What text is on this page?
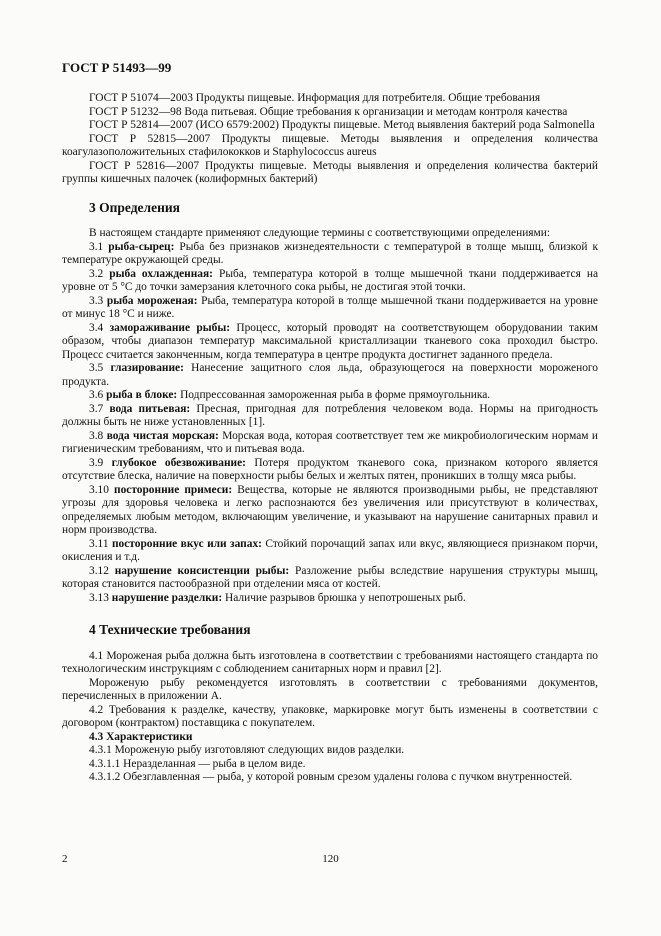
ГОСТ Р 51493—99

ГОСТ Р 51074—2003 Продукты пищевые. Информация для потребителя. Общие требования

ГОСТ Р 51232—98 Вода питьевая. Общие требования к организации и методам контроля качества

ГОСТ Р 52814—2007 (ИСО 6579:2002) Продукты пищевые. Метод выявления бактерий рода Salmonella

ГОСТ Р 52815—2007 Продукты пищевые. Методы выявления и определения количества коагулазоположительных стафилококков и Staphylococcus aureus

ГОСТ Р 52816—2007 Продукты пищевые. Методы выявления и определения количества бактерий группы кишечных палочек (колиформных бактерий)

3 Определения

В настоящем стандарте применяют следующие термины с соответствующими определениями:

3.1 рыба-сырец: Рыба без признаков жизнедеятельности с температурой в толще мышц, близкой к температуре окружающей среды.

3.2 рыба охлажденная: Рыба, температура которой в толще мышечной ткани поддерживается на уровне от 5 °С до точки замерзания клеточного сока рыбы, не достигая этой точки.

3.3 рыба мороженая: Рыба, температура которой в толще мышечной ткани поддерживается на уровне от минус 18 °С и ниже.

3.4 замораживание рыбы: Процесс, который проводят на соответствующем оборудовании таким образом, чтобы диапазон температур максимальной кристаллизации тканевого сока проходил быстро. Процесс считается законченным, когда температура в центре продукта достигнет заданного предела.

3.5 глазирование: Нанесение защитного слоя льда, образующегося на поверхности мороженого продукта.

3.6 рыба в блоке: Подпрессованная замороженная рыба в форме прямоугольника.

3.7 вода питьевая: Пресная, пригодная для потребления человеком вода. Нормы на пригодность должны быть не ниже установленных [1].

3.8 вода чистая морская: Морская вода, которая соответствует тем же микробиологическим нормам и гигиеническим требованиям, что и питьевая вода.

3.9 глубокое обезвоживание: Потеря продуктом тканевого сока, признаком которого является отсутствие блеска, наличие на поверхности рыбы белых и желтых пятен, проникших в толщу мяса рыбы.

3.10 посторонние примеси: Вещества, которые не являются производными рыбы, не представляют угрозы для здоровья человека и легко распознаются без увеличения или присутствуют в количествах, определяемых любым методом, включающим увеличение, и указывают на нарушение санитарных правил и норм производства.

3.11 посторонние вкус или запах: Стойкий порочащий запах или вкус, являющиеся признаком порчи, окисления и т.д.

3.12 нарушение консистенции рыбы: Разложение рыбы вследствие нарушения структуры мышц, которая становится пастообразной при отделении мяса от костей.

3.13 нарушение разделки: Наличие разрывов брюшка у непотрошеных рыб.

4 Технические требования

4.1 Мороженая рыба должна быть изготовлена в соответствии с требованиями настоящего стандарта по технологическим инструкциям с соблюдением санитарных норм и правил [2].

Мороженую рыбу рекомендуется изготовлять в соответствии с требованиями документов, перечисленных в приложении А.

4.2 Требования к разделке, качеству, упаковке, маркировке могут быть изменены в соответствии с договором (контрактом) поставщика с покупателем.

4.3 Характеристики

4.3.1 Мороженую рыбу изготовляют следующих видов разделки.

4.3.1.1 Неразделанная — рыба в целом виде.

4.3.1.2 Обезглавленная — рыба, у которой ровным срезом удалены голова с пучком внутренностей.

2	120
